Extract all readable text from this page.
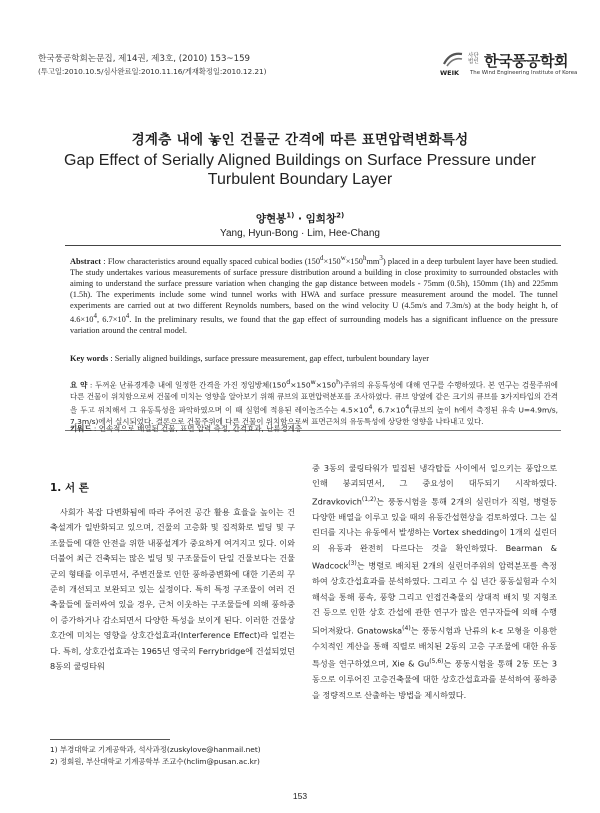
한국풍공학회논문집, 제14권, 제3호, (2010) 153~159
(투고일:2010.10.5/심사완료일:2010.11.16/게재확정일:2010.12.21)	WEIK
사단 법인 한국풍공학회
The Wind Engineering Institute of Korea
경계층 내에 놓인 건물군 간격에 따른 표면압력변화특성
Gap Effect of Serially Aligned Buildings on Surface Pressure under Turbulent Boundary Layer
양현봉$^{1)}$ · 임희창$^{2)}$
Yang, Hyun-Bong · Lim, Hee-Chang
Abstract : Flow characteristics around equally spaced cubical bodies $(150^d\times 150^w\times 150^hmm^3)$ placed in a deep turbulent layer have been studied. The study undertakes various measurements of surface pressure distribution around a building in close proximity to surrounded obstacles with aiming to understand the surface pressure variation when changing the gap distance between models - 75mm (0.5h), 150mm (1h) and 225mm (1.5h). The experiments include some wind tunnel works with HWA and surface pressure measurement around the model. The tunnel experiments are carried out at two different Reynolds numbers, based on the wind velocity U (4.5m/s and 7.3m/s) at the body height h, of $4.6\times 10^4$, $6.7\times 10^4$. In the preliminary results, we found that the gap effect of surrounding models has a significant influence on the pressure variation around the central model.
Key words : Serially aligned buildings, surface pressure measurement, gap effect, turbulent boundary layer
요 약 : 두꺼운 난류경계층 내에 일정한 간격을 가진 정입방체$(150^d\times 150^w\times 150^h)$주위의 유동특성에 대해 연구를 수행하였다. 본 연구는 검물주위에 다른 건물이 위치함으로써 건물에 미치는 영향을 알아보기 위해 큐브의 표면압력분포를 조사하였다. 큐브 양옆에 같은 크기의 큐브를 3가지타입의 간격을 두고 위치해서 그 유동특성을 파악하였으며 이 때 실험에 적용된 레이놀즈수는 $4.5\times 10^4$, $6.7\times 10^4$(큐브의 높이 h에서 측정된 유속 U=4.9m/s, 7.3m/s)에서 실시되었다. 결론으로 건물주위에 다른 건물이 위치함으로써 표면근처의 유동특성에 상당한 영향을 나타내고 있다.
키워드 : 연속적으로 배열된 건물, 표면 압력 측정, 간격효과, 난류경계층
1. 서 론
사회가 복잡 다변화됨에 따라 주어진 공간 활용 효율을 높이는 건축설계가 일반화되고 있으며, 건물의 고층화 및 집적화로 빌딩 및 구조물들에 대한 안전을 위한 내풍설계가 중요하게 여겨지고 있다. 이와 더불어 최근 건축되는 많은 빌딩 및 구조물들이 단일 건물보다는 건물군의 형태를 이루면서, 주변건물로 인한 풍하중변화에 대한 기존의 꾸준히 개선되고 보완되고 있는 실정이다. 특히 특정 구조물이 여러 건축물들에 둘러싸여 있을 경우, 근처 이웃하는 구조물들에 의해 풍하중이 증가하거나 감소되면서 다양한 특성을 보이게 된다. 이러한 건물상호간에 미치는 영향을 상호간섭효과(Interference Effect)라 일컫는다. 특히, 상호간섭효과는 1965년 영국의 Ferrybridge에 건설되었던 8동의 쿨링타워
중 3동의 쿨링타워가 밀집된 냉각탑들 사이에서 일으키는 풍압으로 인해 붕괴되면서, 그 중요성이 대두되기 시작하였다. Zdravkovich$^{(1,2)}$는 풍동시험을 통해 2개의 실린더가 직렬, 병렬등 다양한 배열을 이루고 있을 때의 유동간섭현상을 검토하였다. 그는 실린더를 지나는 유동에서 발생하는 Vortex shedding이 1개의 실린더의 유동과 완전히 다르다는 것을 확인하였다. Bearman & Wadcock$^{(3)}$는 병렬로 배치된 2개의 실린더주위의 압력분포를 측정하여 상호간섭효과를 분석하였다. 그리고 수 십 년간 풍동실험과 수치해석을 통해 풍속, 풍향 그리고 인접건축물의 상대적 배치 및 지형조건 등으로 인한 상호 간섭에 관한 연구가 많은 연구자들에 의해 수행되어져왔다. Gnatowska$^{(4)}$는 풍동시험과 난류의 k-ε 모형을 이용한 수치적인 계산을 통해 직렬로 배치된 2동의 고층 구조물에 대한 유동특성을 연구하였으며, Xie & Gu$^{(5,6)}$는 풍동시험을 통해 2동 또는 3동으로 이루어진 고층건축물에 대한 상호간섭효과를 분석하여 풍하중을 정량적으로 산출하는 방법을 제시하였다.
1) 부경대학교 기계공학과, 석사과정(zuskylove@hanmail.net)
2) 정회원, 부산대학교 기계공학부 조교수(hclim@pusan.ac.kr)
153
